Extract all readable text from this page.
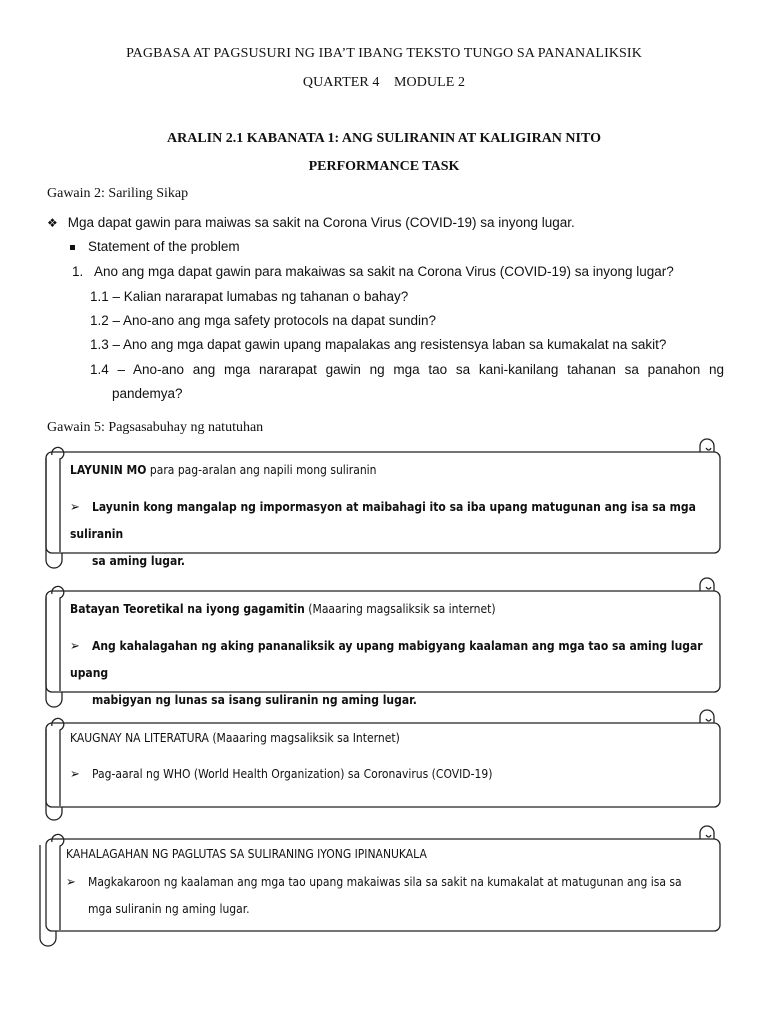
PAGBASA AT PAGSUSURI NG IBA’T IBANG TEKSTO TUNGO SA PANANALIKSIK
QUARTER 4 MODULE 2
ARALIN 2.1 KABANATA 1: ANG SULIRANIN AT KALIGIRAN NITO
PERFORMANCE TASK
Gawain 2: Sariling Sikap
❖ Mga dapat gawin para maiwas sa sakit na Corona Virus (COVID-19) sa inyong lugar.
Statement of the problem
1. Ano ang mga dapat gawin para makaiwas sa sakit na Corona Virus (COVID-19) sa inyong lugar?
1.1 – Kalian nararapat lumabas ng tahanan o bahay?
1.2 – Ano-ano ang mga safety protocols na dapat sundin?
1.3 – Ano ang mga dapat gawin upang mapalakas ang resistensya laban sa kumakalat na sakit?
1.4 – Ano-ano ang mga nararapat gawin ng mga tao sa kani-kanilang tahanan sa panahon ng
pandemya?
Gawain 5: Pagsasabuhay ng natutuhan
LAYUNIN MO para pag-aralan ang napili mong suliranin
➢ Layunin kong mangalap ng impormasyon at maibahagi ito sa iba upang matugunan ang isa sa mga suliranin
sa aming lugar.
Batayan Teoretikal na iyong gagamitin (Maaaring magsaliksik sa internet)
➢ Ang kahalagahan ng aking pananaliksik ay upang mabigyang kaalaman ang mga tao sa aming lugar upang
mabigyan ng lunas sa isang suliranin ng aming lugar.
KAUGNAY NA LITERATURA (Maaaring magsaliksik sa Internet)
➢ Pag-aaral ng WHO (World Health Organization) sa Coronavirus (COVID-19)
KAHALAGAHAN NG PAGLUTAS SA SULIRANING IYONG IPINANUKALA
➢ Magkakaroon ng kaalaman ang mga tao upang makaiwas sila sa sakit na kumakalat at matugunan ang isa sa
mga suliranin ng aming lugar.
